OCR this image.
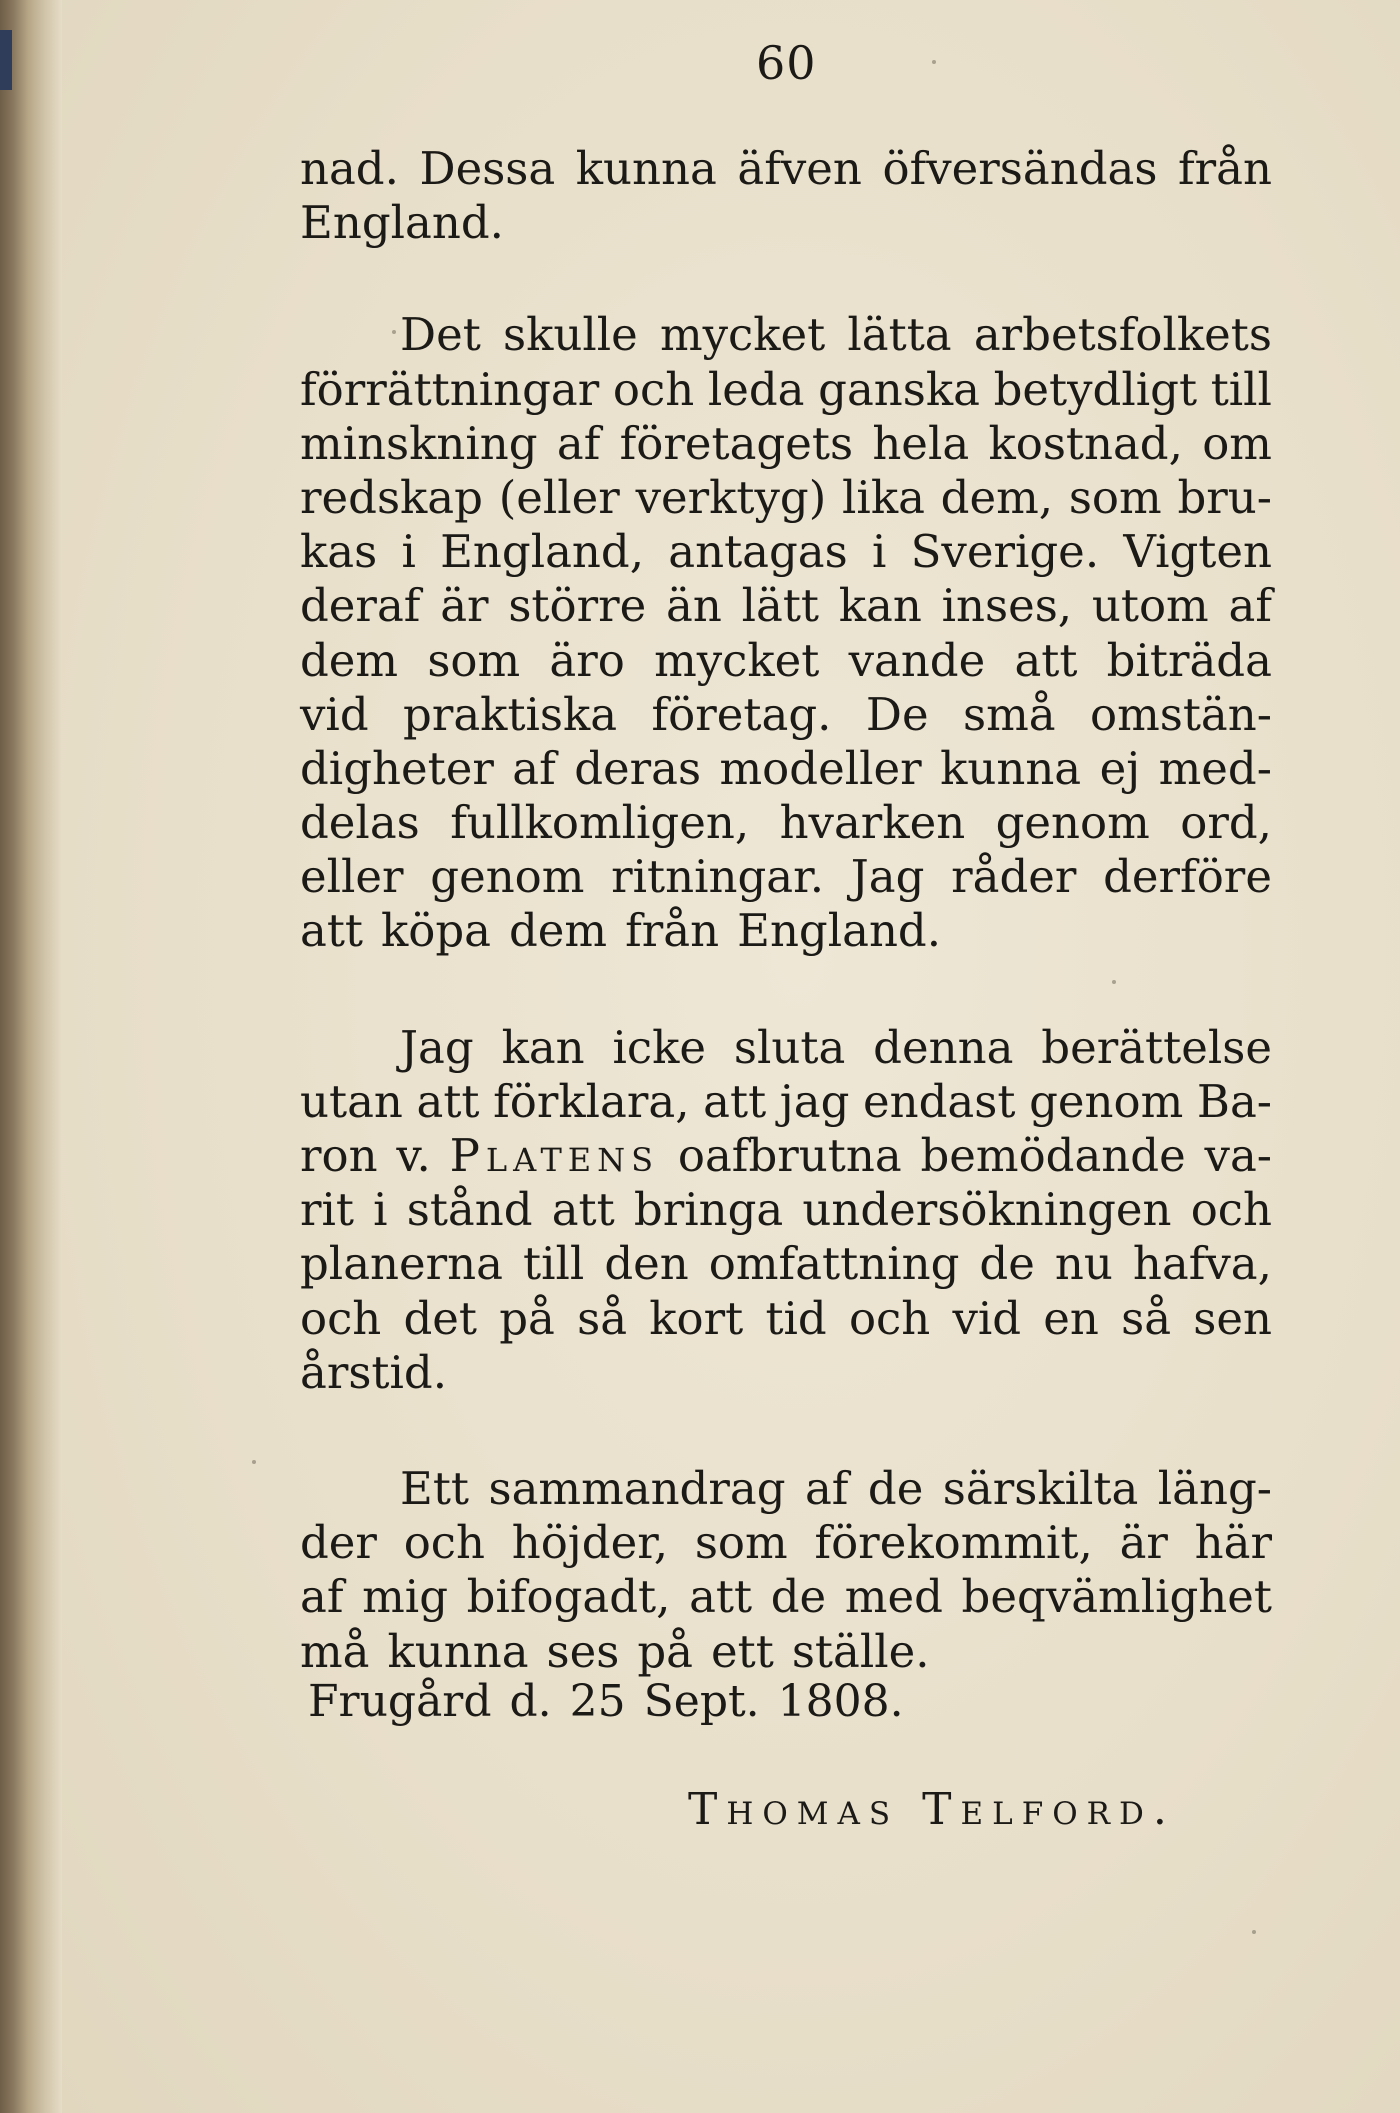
60
nad. Dessa kunna äfven öfversändas från
England.
Det skulle mycket lätta arbetsfolkets
förrättningar och leda ganska betydligt till
minskning af företagets hela kostnad, om
redskap (eller verktyg) lika dem, som bru-
kas i England, antagas i Sverige. Vigten
deraf är större än lätt kan inses, utom af
dem som äro mycket vande att biträda
vid praktiska företag. De små omstän-
digheter af deras modeller kunna ej med-
delas fullkomligen, hvarken genom ord,
eller genom ritningar. Jag råder derföre
att köpa dem från England.
Jag kan icke sluta denna berättelse
utan att förklara, att jag endast genom Ba-
ron v. Platens oafbrutna bemödande va-
rit i stånd att bringa undersökningen och
planerna till den omfattning de nu hafva,
och det på så kort tid och vid en så sen
årstid.
Ett sammandrag af de särskilta läng-
der och höjder, som förekommit, är här
af mig bifogadt, att de med beqvämlighet
må kunna ses på ett ställe.
Frugård d. 25 Sept. 1808.
Thomas Telford.
